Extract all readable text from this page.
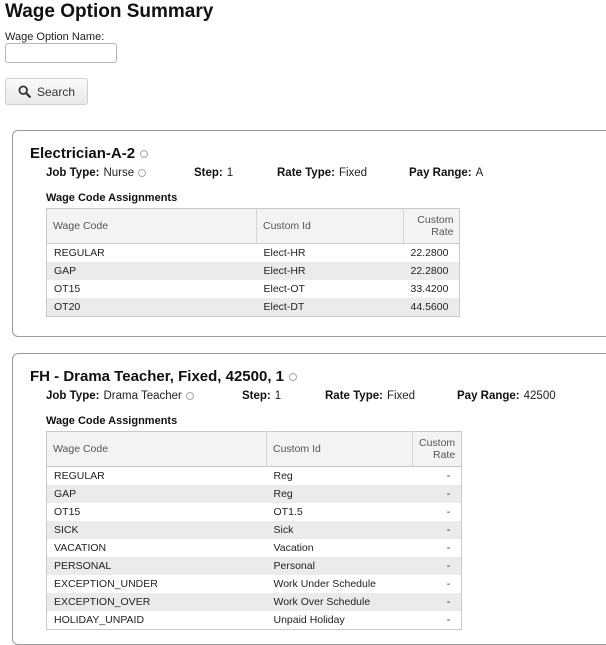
Wage Option Summary
Wage Option Name:
Search
Electrician-A-2
Job Type: Nurse	Step: 1	Rate Type: Fixed	Pay Range: A
Wage Code Assignments
Wage Code	Custom Id	Custom
Rate
REGULAR	Elect-HR	22.2800
GAP	Elect-HR	22.2800
OT15	Elect-OT	33.4200
OT20	Elect-DT	44.5600
FH - Drama Teacher, Fixed, 42500, 1
Job Type: Drama Teacher	Step: 1	Rate Type: Fixed	Pay Range: 42500
Wage Code Assignments
Wage Code	Custom Id	Custom
Rate
REGULAR	Reg	-
GAP	Reg	-
OT15	OT1.5	-
SICK	Sick	-
VACATION	Vacation	-
PERSONAL	Personal	-
EXCEPTION_UNDER	Work Under Schedule	-
EXCEPTION_OVER	Work Over Schedule	-
HOLIDAY_UNPAID	Unpaid Holiday	-
